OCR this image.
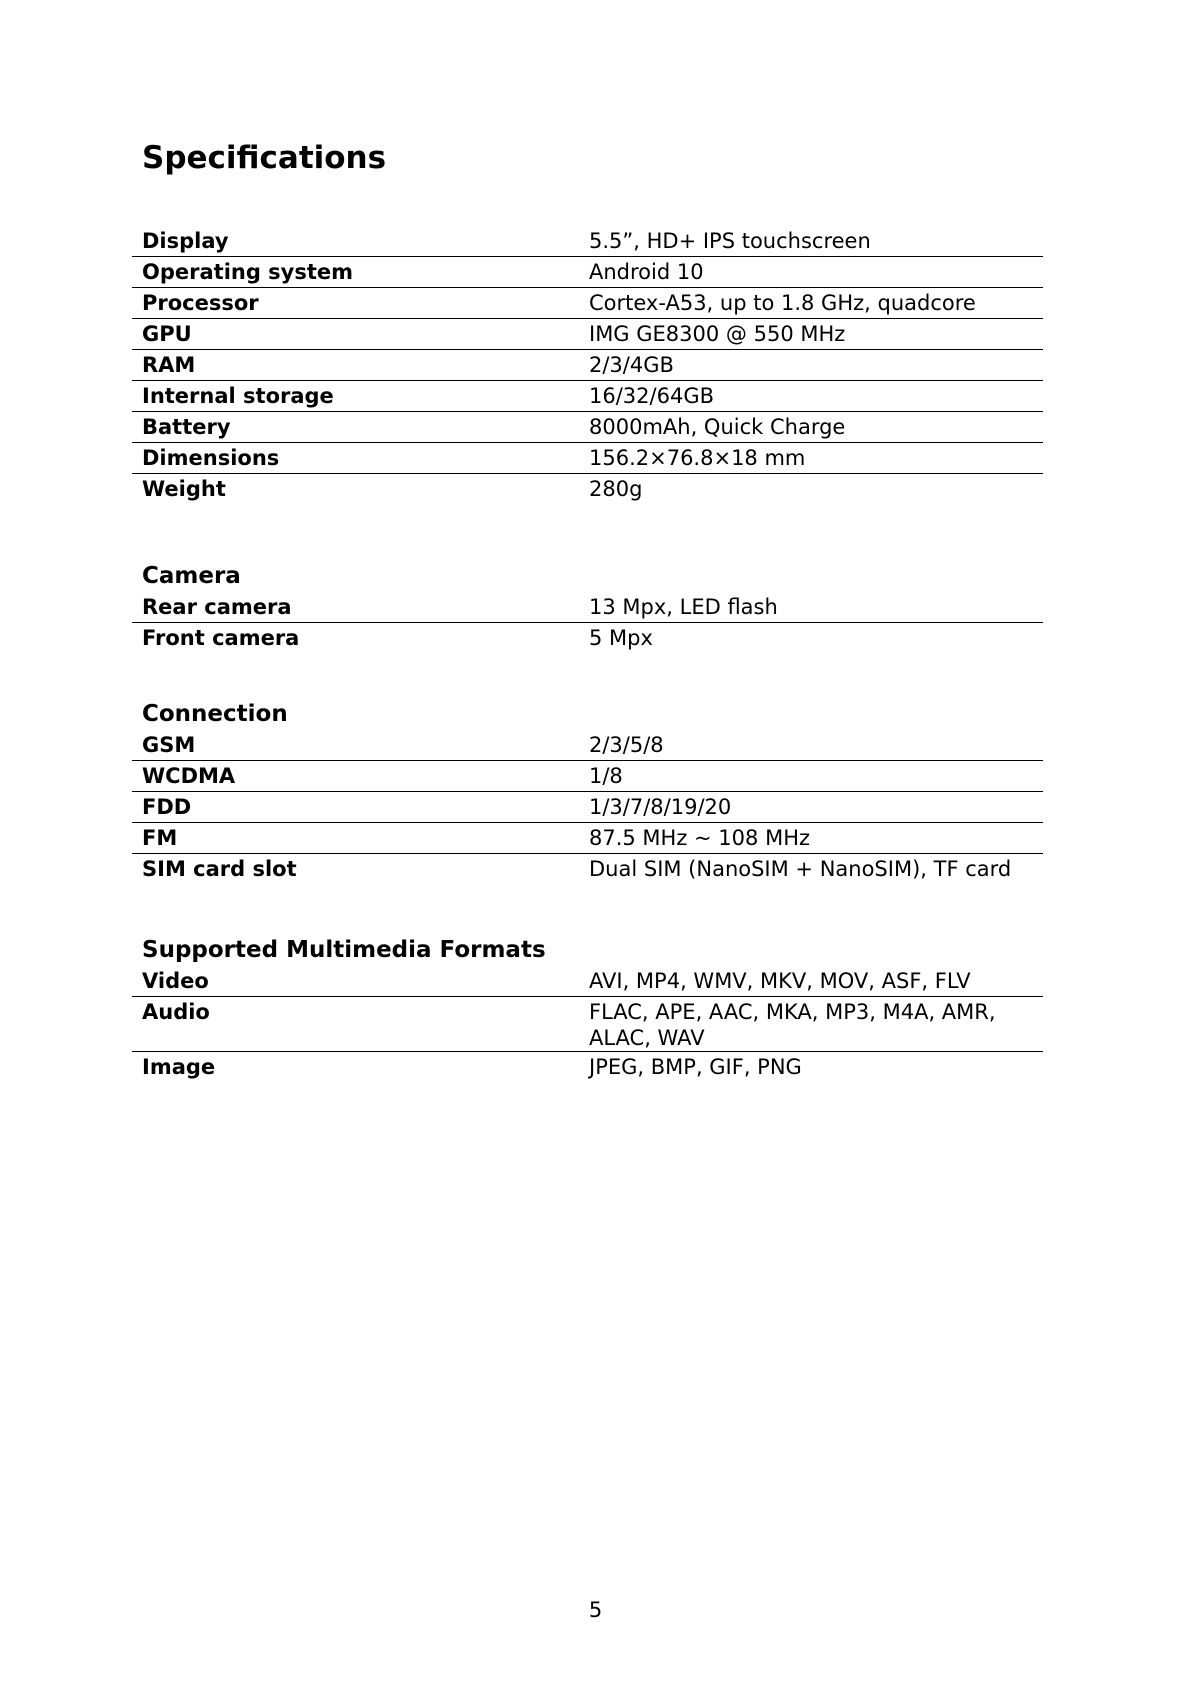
Specifications
Display	5.5”, HD+ IPS touchscreen
Operating system	Android 10
Processor	Cortex-A53, up to 1.8 GHz, quadcore
GPU	IMG GE8300 @ 550 MHz
RAM	2/3/4GB
Internal storage	16/32/64GB
Battery	8000mAh, Quick Charge
Dimensions	156.2×76.8×18 mm
Weight	280g
Camera
Rear camera	13 Mpx, LED flash
Front camera	5 Mpx
Connection
GSM	2/3/5/8
WCDMA	1/8
FDD	1/3/7/8/19/20
FM	87.5 MHz ~ 108 MHz
SIM card slot	Dual SIM (NanoSIM + NanoSIM), TF card
Supported Multimedia Formats
Video	AVI, MP4, WMV, MKV, MOV, ASF, FLV
Audio	FLAC, APE, AAC, MKA, MP3, M4A, AMR, ALAC, WAV
Image	JPEG, BMP, GIF, PNG
5
